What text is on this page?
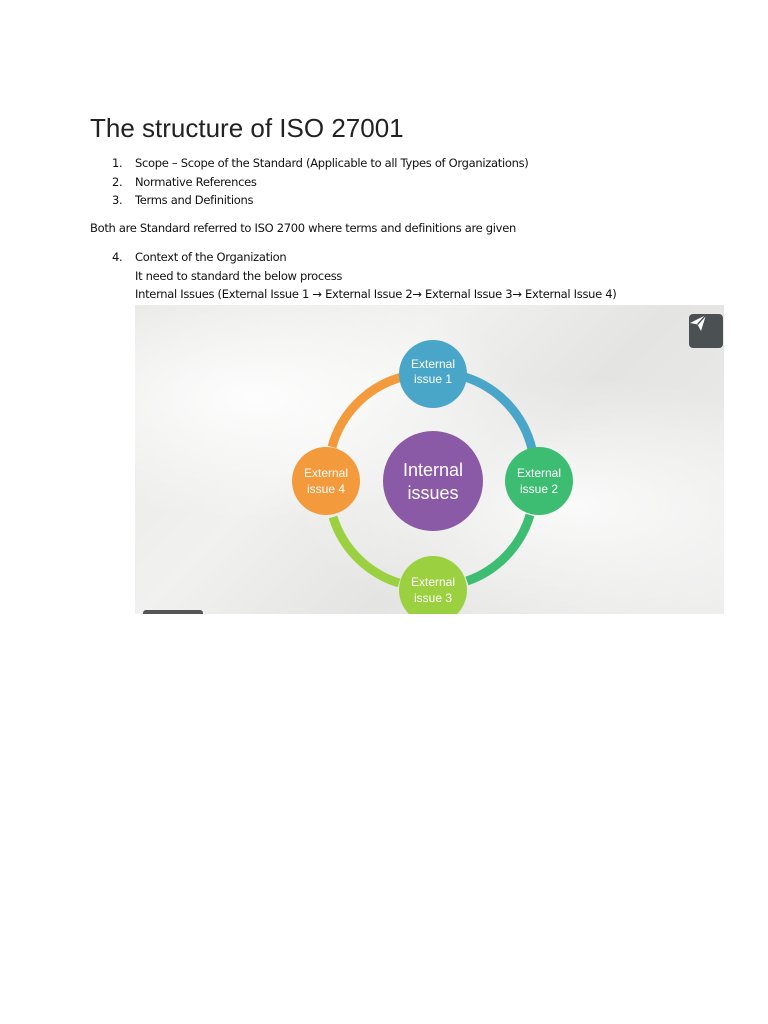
The structure of ISO 27001
1. Scope – Scope of the Standard (Applicable to all Types of Organizations)
2. Normative References
3. Terms and Definitions

Both are Standard referred to ISO 2700 where terms and definitions are given

4. Context of the Organization
It need to standard the below process
Internal Issues (External Issue 1 → External Issue 2→ External Issue 3→ External Issue 4)
Internal
issues
External
issue 1
External
issue 2
External
issue 3
External
issue 4
